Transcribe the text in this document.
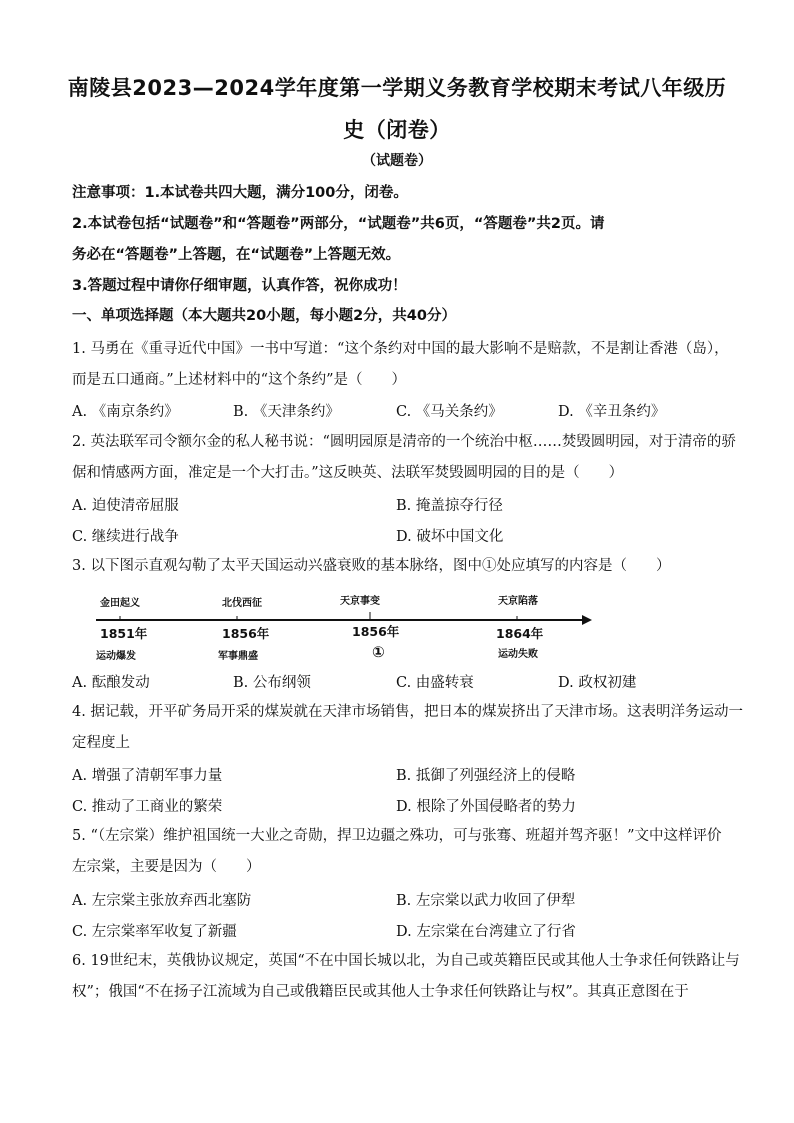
南陵县2023—2024学年度第一学期义务教育学校期末考试八年级历
史（闭卷）
（试题卷）
注意事项：1.本试卷共四大题，满分100分，闭卷。
2.本试卷包括“试题卷”和“答题卷”两部分，“试题卷”共6页，“答题卷”共2页。请
务必在“答题卷”上答题，在“试题卷”上答题无效。
3.答题过程中请你仔细审题，认真作答，祝你成功！
一、单项选择题（本大题共20小题，每小题2分，共40分）
1. 马勇在《重寻近代中国》一书中写道：“这个条约对中国的最大影响不是赔款，不是割让香港（岛），
而是五口通商。”上述材料中的“这个条约”是（　　）
A. 《南京条约》	B. 《天津条约》	C. 《马关条约》	D. 《辛丑条约》
2. 英法联军司令额尔金的私人秘书说：“圆明园原是清帝的一个统治中枢……焚毁圆明园，对于清帝的骄
倨和情感两方面，准定是一个大打击。”这反映英、法联军焚毁圆明园的目的是（　　）
A. 迫使清帝屈服	B. 掩盖掠夺行径
C. 继续进行战争	D. 破坏中国文化
3. 以下图示直观勾勒了太平天国运动兴盛衰败的基本脉络，图中①处应填写的内容是（　　）
金田起义	北伐西征	天京事变	天京陷落
1851年	1856年	1856年	1864年
运动爆发	军事鼎盛	①	运动失败
A. 酝酿发动	B. 公布纲领	C. 由盛转衰	D. 政权初建
4. 据记载，开平矿务局开采的煤炭就在天津市场销售，把日本的煤炭挤出了天津市场。这表明洋务运动一
定程度上
A. 增强了清朝军事力量	B. 抵御了列强经济上的侵略
C. 推动了工商业的繁荣	D. 根除了外国侵略者的势力
5. “（左宗棠）维护祖国统一大业之奇勋，捍卫边疆之殊功，可与张骞、班超并驾齐驱！”文中这样评价
左宗棠，主要是因为（　　）
A. 左宗棠主张放弃西北塞防	B. 左宗棠以武力收回了伊犁
C. 左宗棠率军收复了新疆	D. 左宗棠在台湾建立了行省
6. 19世纪末，英俄协议规定，英国“不在中国长城以北，为自己或英籍臣民或其他人士争求任何铁路让与
权”；俄国“不在扬子江流域为自己或俄籍臣民或其他人士争求任何铁路让与权”。其真正意图在于
